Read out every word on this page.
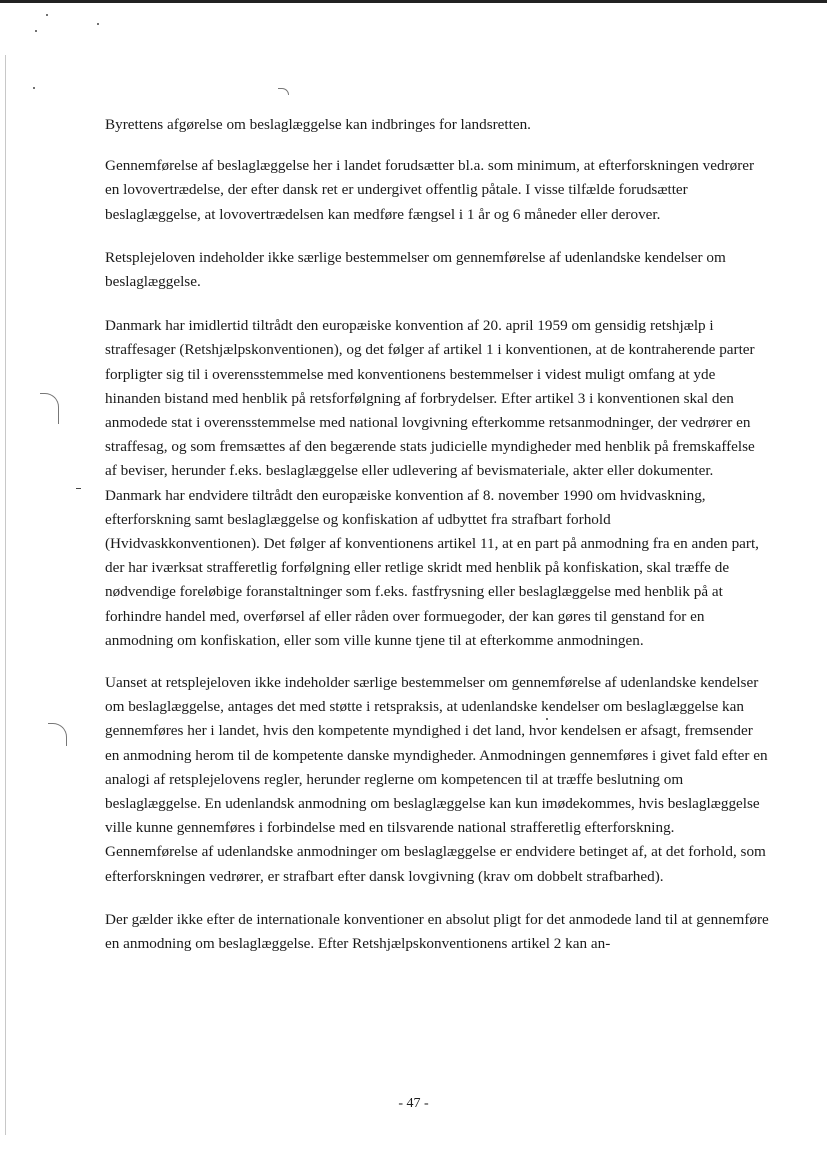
Byrettens afgørelse om beslaglæggelse kan indbringes for landsretten.

Gennemførelse af beslaglæggelse her i landet forudsætter bl.a. som minimum, at efterforskningen vedrører en lovovertrædelse, der efter dansk ret er undergivet offentlig påtale. I visse tilfælde forudsætter beslaglæggelse, at lovovertrædelsen kan medføre fængsel i 1 år og 6 måneder eller derover.

Retsplejeloven indeholder ikke særlige bestemmelser om gennemførelse af udenlandske kendelser om beslaglæggelse.

Danmark har imidlertid tiltrådt den europæiske konvention af 20. april 1959 om gensidig retshjælp i straffesager (Retshjælpskonventionen), og det følger af artikel 1 i konventionen, at de kontraherende parter forpligter sig til i overensstemmelse med konventionens bestemmelser i videst muligt omfang at yde hinanden bistand med henblik på retsforfølgning af forbrydelser. Efter artikel 3 i konventionen skal den anmodede stat i overensstemmelse med national lovgivning efterkomme retsanmodninger, der vedrører en straffesag, og som fremsættes af den begærende stats judicielle myndigheder med henblik på fremskaffelse af beviser, herunder f.eks. beslaglæggelse eller udlevering af bevismateriale, akter eller dokumenter. Danmark har endvidere tiltrådt den europæiske konvention af 8. november 1990 om hvidvaskning, efterforskning samt beslaglæggelse og konfiskation af udbyttet fra strafbart forhold (Hvidvaskkonventionen). Det følger af konventionens artikel 11, at en part på anmodning fra en anden part, der har iværksat strafferetlig forfølgning eller retlige skridt med henblik på konfiskation, skal træffe de nødvendige foreløbige foranstaltninger som f.eks. fastfrysning eller beslaglæggelse med henblik på at forhindre handel med, overførsel af eller råden over formuegoder, der kan gøres til genstand for en anmodning om konfiskation, eller som ville kunne tjene til at efterkomme anmodningen.

Uanset at retsplejeloven ikke indeholder særlige bestemmelser om gennemførelse af udenlandske kendelser om beslaglæggelse, antages det med støtte i retspraksis, at udenlandske kendelser om beslaglæggelse kan gennemføres her i landet, hvis den kompetente myndighed i det land, hvor kendelsen er afsagt, fremsender en anmodning herom til de kompetente danske myndigheder. Anmodningen gennemføres i givet fald efter en analogi af retsplejelovens regler, herunder reglerne om kompetencen til at træffe beslutning om beslaglæggelse. En udenlandsk anmodning om beslaglæggelse kan kun imødekommes, hvis beslaglæggelse ville kunne gennemføres i forbindelse med en tilsvarende national strafferetlig efterforskning. Gennemførelse af udenlandske anmodninger om beslaglæggelse er endvidere betinget af, at det forhold, som efterforskningen vedrører, er strafbart efter dansk lovgivning (krav om dobbelt strafbarhed).

Der gælder ikke efter de internationale konventioner en absolut pligt for det anmodede land til at gennemføre en anmodning om beslaglæggelse. Efter Retshjælpskonventionens artikel 2 kan an-

- 47 -
